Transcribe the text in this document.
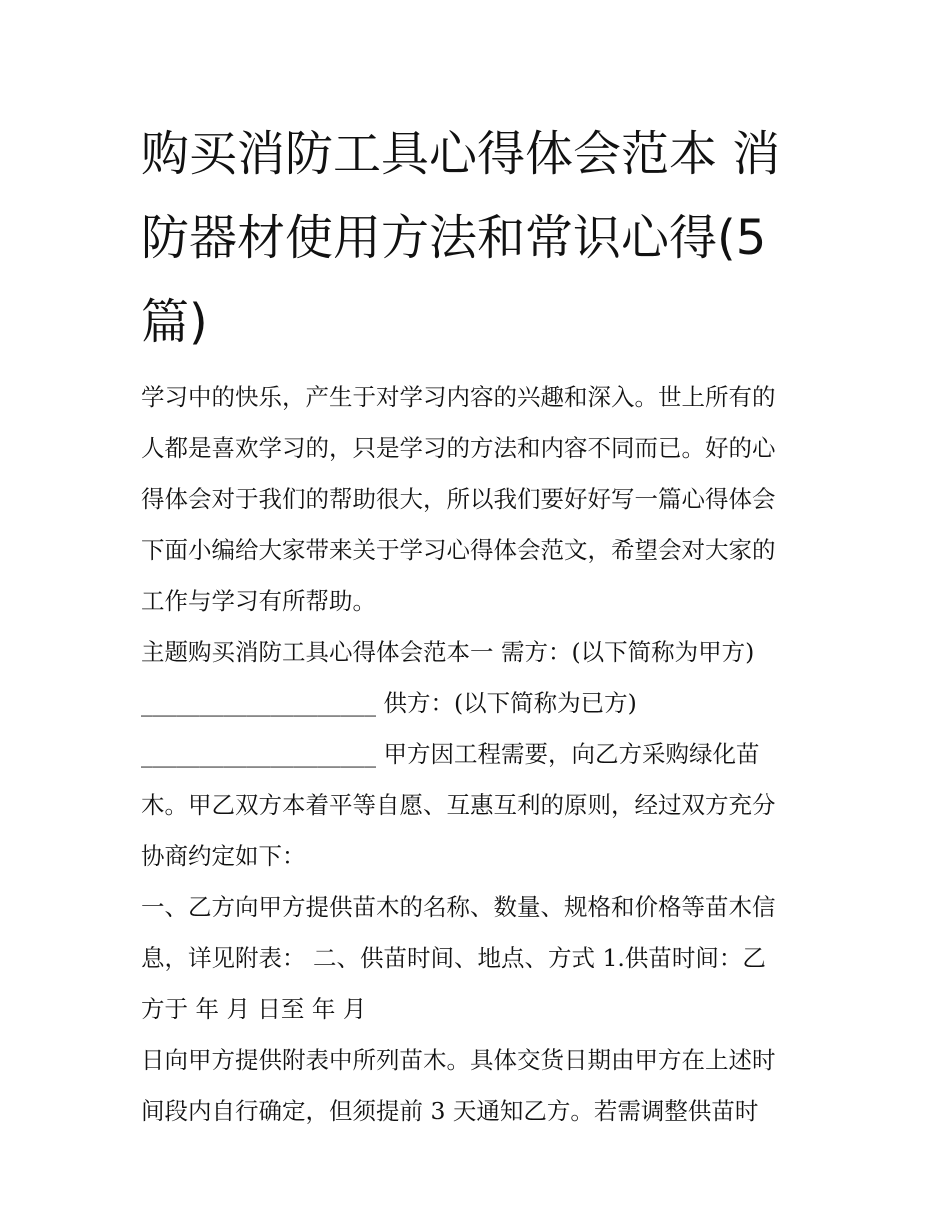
购买消防工具心得体会范本 消
防器材使用方法和常识心得(5
篇)
学习中的快乐，产生于对学习内容的兴趣和深入。世上所有的
人都是喜欢学习的，只是学习的方法和内容不同而已。好的心
得体会对于我们的帮助很大，所以我们要好好写一篇心得体会
下面小编给大家带来关于学习心得体会范文，希望会对大家的
工作与学习有所帮助。
主题购买消防工具心得体会范本一 需方：(以下简称为甲方)
____________________ 供方：(以下简称为已方)
____________________ 甲方因工程需要，向乙方采购绿化苗
木。甲乙双方本着平等自愿、互惠互利的原则，经过双方充分
协商约定如下：
一、乙方向甲方提供苗木的名称、数量、规格和价格等苗木信
息，详见附表： 二、供苗时间、地点、方式 1.供苗时间：乙
方于 年 月 日至 年 月
日向甲方提供附表中所列苗木。具体交货日期由甲方在上述时
间段内自行确定，但须提前 3 天通知乙方。若需调整供苗时
